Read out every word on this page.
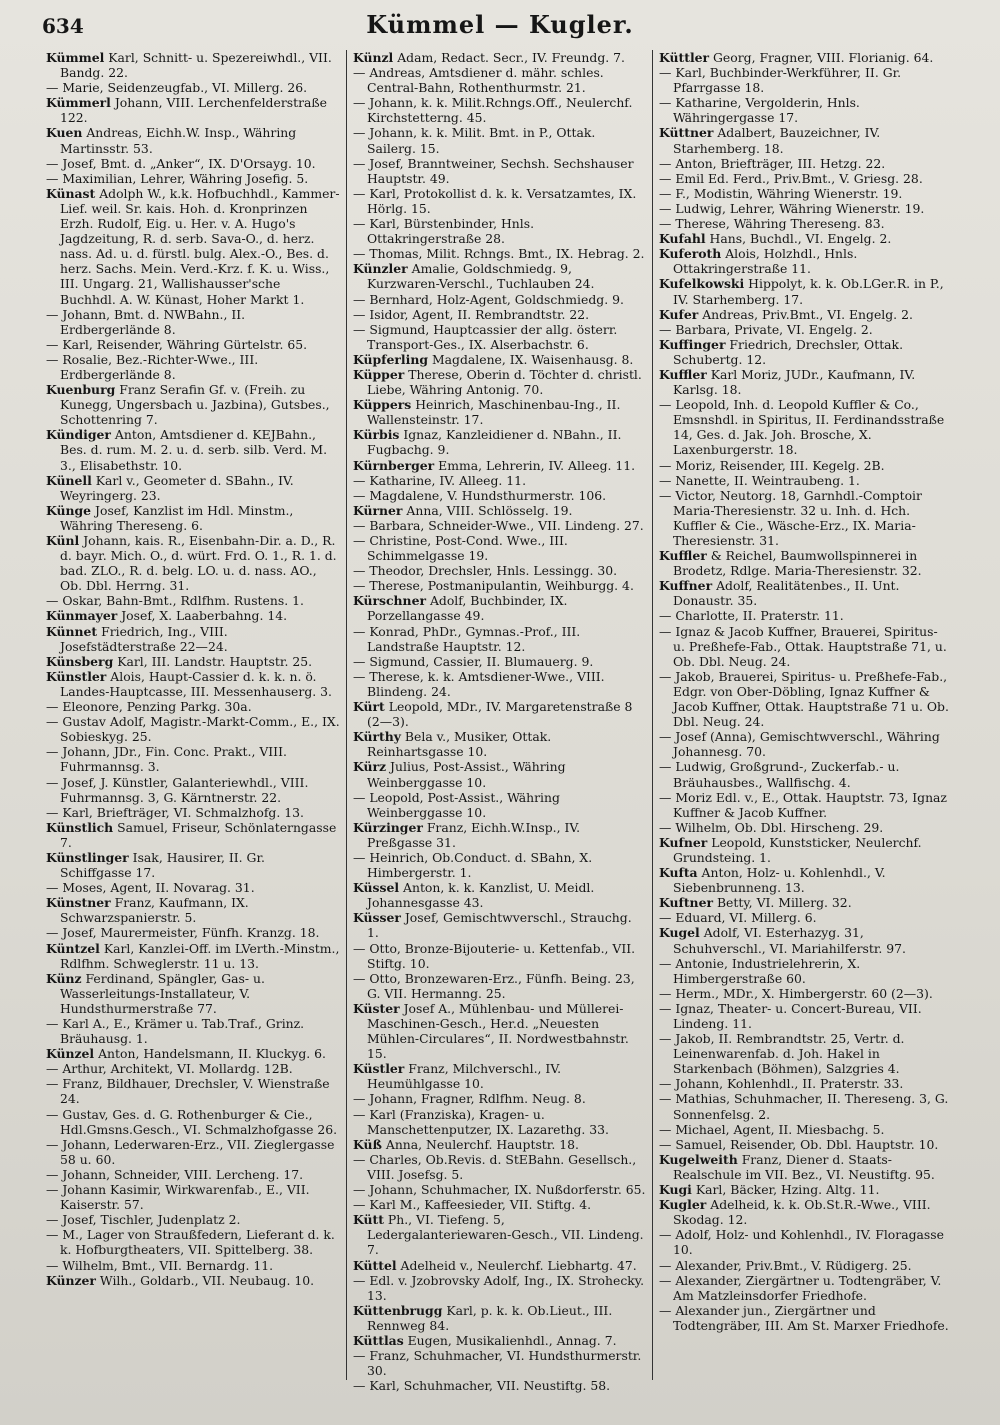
634	Kümmel — Kugler.

Kümmel Karl, Schnitt- u. Spezereiwhdl., VII. Bandg. 22.

— Marie, Seidenzeugfab., VI. Millerg. 26.

Kümmerl Johann, VIII. Lerchenfelderstraße 122.

Kuen Andreas, Eichh.W. Insp., Währing Martinsstr. 53.

— Josef, Bmt. d. „Anker“, IX. D'Orsayg. 10.

— Maximilian, Lehrer, Währing Josefig. 5.

Künast Adolph W., k.k. Hofbuchhdl., Kammer-Lief. weil. Sr. kais. Hoh. d. Kronprinzen Erzh. Rudolf, Eig. u. Her. v. A. Hugo's Jagdzeitung, R. d. serb. Sava-O., d. herz. nass. Ad. u. d. fürstl. bulg. Alex.-O., Bes. d. herz. Sachs. Mein. Verd.-Krz. f. K. u. Wiss., III. Ungarg. 21, Wallishausser'sche Buchhdl. A. W. Künast, Hoher Markt 1.

— Johann, Bmt. d. NWBahn., II. Erdbergerlände 8.

— Karl, Reisender, Währing Gürtelstr. 65.

— Rosalie, Bez.-Richter-Wwe., III. Erdbergerlände 8.

Kuenburg Franz Serafin Gf. v. (Freih. zu Kunegg, Ungersbach u. Jazbina), Gutsbes., Schottenring 7.

Kündiger Anton, Amtsdiener d. KEJBahn., Bes. d. rum. M. 2. u. d. serb. silb. Verd. M. 3., Elisabethstr. 10.

Künell Karl v., Geometer d. SBahn., IV. Weyringerg. 23.

Künge Josef, Kanzlist im Hdl. Minstm., Währing Thereseng. 6.

Künl Johann, kais. R., Eisenbahn-Dir. a. D., R. d. bayr. Mich. O., d. würt. Frd. O. 1., R. 1. d. bad. ZLO., R. d. belg. LO. u. d. nass. AO., Ob. Dbl. Herrng. 31.

— Oskar, Bahn-Bmt., Rdlfhm. Rustens. 1.

Künmayer Josef, X. Laaberbahng. 14.

Künnet Friedrich, Ing., VIII. Josefstädterstraße 22—24.

Künsberg Karl, III. Landstr. Hauptstr. 25.

Künstler Alois, Haupt-Cassier d. k. k. n. ö. Landes-Hauptcasse, III. Messenhauserg. 3.

— Eleonore, Penzing Parkg. 30a.

— Gustav Adolf, Magistr.-Markt-Comm., E., IX. Sobieskyg. 25.

— Johann, JDr., Fin. Conc. Prakt., VIII. Fuhrmannsg. 3.

— Josef, J. Künstler, Galanteriewhdl., VIII. Fuhrmannsg. 3, G. Kärntnerstr. 22.

— Karl, Briefträger, VI. Schmalzhofg. 13.

Künstlich Samuel, Friseur, Schönlaterngasse 7.

Künstlinger Isak, Hausirer, II. Gr. Schiffgasse 17.

— Moses, Agent, II. Novarag. 31.

Künstner Franz, Kaufmann, IX. Schwarzspanierstr. 5.

— Josef, Maurermeister, Fünfh. Kranzg. 18.

Küntzel Karl, Kanzlei-Off. im LVerth.-Minstm., Rdlfhm. Schweglerstr. 11 u. 13.

Künz Ferdinand, Spängler, Gas- u. Wasserleitungs-Installateur, V. Hundsthurmerstraße 77.

— Karl A., E., Krämer u. Tab.Traf., Grinz. Bräuhausg. 1.

Künzel Anton, Handelsmann, II. Kluckyg. 6.

— Arthur, Architekt, VI. Mollardg. 12B.

— Franz, Bildhauer, Drechsler, V. Wienstraße 24.

— Gustav, Ges. d. G. Rothenburger & Cie., Hdl.Gmsns.Gesch., VI. Schmalzhofgasse 26.

— Johann, Lederwaren-Erz., VII. Zieglergasse 58 u. 60.

— Johann, Schneider, VIII. Lercheng. 17.

— Johann Kasimir, Wirkwarenfab., E., VII. Kaiserstr. 57.

— Josef, Tischler, Judenplatz 2.

— M., Lager von Straußfedern, Lieferant d. k. k. Hofburgtheaters, VII. Spittelberg. 38.

— Wilhelm, Bmt., VII. Bernardg. 11.

Künzer Wilh., Goldarb., VII. Neubaug. 10.

Künzl Adam, Redact. Secr., IV. Freundg. 7.

— Andreas, Amtsdiener d. mähr. schles. Central-Bahn, Rothenthurmstr. 21.

— Johann, k. k. Milit.Rchngs.Off., Neulerchf. Kirchstetterng. 45.

— Johann, k. k. Milit. Bmt. in P., Ottak. Sailerg. 15.

— Josef, Branntweiner, Sechsh. Sechshauser Hauptstr. 49.

— Karl, Protokollist d. k. k. Versatzamtes, IX. Hörlg. 15.

— Karl, Bürstenbinder, Hnls. Ottakringerstraße 28.

— Thomas, Milit. Rchngs. Bmt., IX. Hebrag. 2.

Künzler Amalie, Goldschmiedg. 9, Kurzwaren-Verschl., Tuchlauben 24.

— Bernhard, Holz-Agent, Goldschmiedg. 9.

— Isidor, Agent, II. Rembrandtstr. 22.

— Sigmund, Hauptcassier der allg. österr. Transport-Ges., IX. Alserbachstr. 6.

Küpferling Magdalene, IX. Waisenhausg. 8.

Küpper Therese, Oberin d. Töchter d. christl. Liebe, Währing Antonig. 70.

Küppers Heinrich, Maschinenbau-Ing., II. Wallensteinstr. 17.

Kürbis Ignaz, Kanzleidiener d. NBahn., II. Fugbachg. 9.

Kürnberger Emma, Lehrerin, IV. Alleeg. 11.

— Katharine, IV. Alleeg. 11.

— Magdalene, V. Hundsthurmerstr. 106.

Kürner Anna, VIII. Schlösselg. 19.

— Barbara, Schneider-Wwe., VII. Lindeng. 27.

— Christine, Post-Cond. Wwe., III. Schimmelgasse 19.

— Theodor, Drechsler, Hnls. Lessingg. 30.

— Therese, Postmanipulantin, Weihburgg. 4.

Kürschner Adolf, Buchbinder, IX. Porzellangasse 49.

— Konrad, PhDr., Gymnas.-Prof., III. Landstraße Hauptstr. 12.

— Sigmund, Cassier, II. Blumauerg. 9.

— Therese, k. k. Amtsdiener-Wwe., VIII. Blindeng. 24.

Kürt Leopold, MDr., IV. Margaretenstraße 8 (2—3).

Kürthy Bela v., Musiker, Ottak. Reinhartsgasse 10.

Kürz Julius, Post-Assist., Währing Weinberggasse 10.

— Leopold, Post-Assist., Währing Weinberggasse 10.

Kürzinger Franz, Eichh.W.Insp., IV. Preßgasse 31.

— Heinrich, Ob.Conduct. d. SBahn, X. Himbergerstr. 1.

Küssel Anton, k. k. Kanzlist, U. Meidl. Johannesgasse 43.

Küsser Josef, Gemischtwverschl., Strauchg. 1.

— Otto, Bronze-Bijouterie- u. Kettenfab., VII. Stiftg. 10.

— Otto, Bronzewaren-Erz., Fünfh. Being. 23, G. VII. Hermanng. 25.

Küster Josef A., Mühlenbau- und Müllerei-Maschinen-Gesch., Her.d. „Neuesten Mühlen-Circulares“, II. Nordwestbahnstr. 15.

Küstler Franz, Milchverschl., IV. Heumühlgasse 10.

— Johann, Fragner, Rdlfhm. Neug. 8.

— Karl (Franziska), Kragen- u. Manschettenputzer, IX. Lazarethg. 33.

Küß Anna, Neulerchf. Hauptstr. 18.

— Charles, Ob.Revis. d. StEBahn. Gesellsch., VIII. Josefsg. 5.

— Johann, Schuhmacher, IX. Nußdorferstr. 65.

— Karl M., Kaffeesieder, VII. Stiftg. 4.

Kütt Ph., VI. Tiefeng. 5, Ledergalanteriewaren-Gesch., VII. Lindeng. 7.

Küttel Adelheid v., Neulerchf. Liebhartg. 47.

— Edl. v. Jzobrovsky Adolf, Ing., IX. Strohecky. 13.

Küttenbrugg Karl, p. k. k. Ob.Lieut., III. Rennweg 84.

Küttlas Eugen, Musikalienhdl., Annag. 7.

— Franz, Schuhmacher, VI. Hundsthurmerstr. 30.

— Karl, Schuhmacher, VII. Neustiftg. 58.

Küttler Georg, Fragner, VIII. Florianig. 64.

— Karl, Buchbinder-Werkführer, II. Gr. Pfarrgasse 18.

— Katharine, Vergolderin, Hnls. Währingergasse 17.

Küttner Adalbert, Bauzeichner, IV. Starhemberg. 18.

— Anton, Briefträger, III. Hetzg. 22.

— Emil Ed. Ferd., Priv.Bmt., V. Griesg. 28.

— F., Modistin, Währing Wienerstr. 19.

— Ludwig, Lehrer, Währing Wienerstr. 19.

— Therese, Währing Thereseng. 83.

Kufahl Hans, Buchdl., VI. Engelg. 2.

Kuferoth Alois, Holzhdl., Hnls. Ottakringerstraße 11.

Kufelkowski Hippolyt, k. k. Ob.LGer.R. in P., IV. Starhemberg. 17.

Kufer Andreas, Priv.Bmt., VI. Engelg. 2.

— Barbara, Private, VI. Engelg. 2.

Kuffinger Friedrich, Drechsler, Ottak. Schubertg. 12.

Kuffler Karl Moriz, JUDr., Kaufmann, IV. Karlsg. 18.

— Leopold, Inh. d. Leopold Kuffler & Co., Emsnshdl. in Spiritus, II. Ferdinandsstraße 14, Ges. d. Jak. Joh. Brosche, X. Laxenburgerstr. 18.

— Moriz, Reisender, III. Kegelg. 2B.

— Nanette, II. Weintraubeng. 1.

— Victor, Neutorg. 18, Garnhdl.-Comptoir Maria-Theresienstr. 32 u. Inh. d. Hch. Kuffler & Cie., Wäsche-Erz., IX. Maria-Theresienstr. 31.

Kuffler & Reichel, Baumwollspinnerei in Brodetz, Rdlge. Maria-Theresienstr. 32.

Kuffner Adolf, Realitätenbes., II. Unt. Donaustr. 35.

— Charlotte, II. Praterstr. 11.

— Ignaz & Jacob Kuffner, Brauerei, Spiritus- u. Preßhefe-Fab., Ottak. Hauptstraße 71, u. Ob. Dbl. Neug. 24.

— Jakob, Brauerei, Spiritus- u. Preßhefe-Fab., Edgr. von Ober-Döbling, Ignaz Kuffner & Jacob Kuffner, Ottak. Hauptstraße 71 u. Ob. Dbl. Neug. 24.

— Josef (Anna), Gemischtwverschl., Währing Johannesg. 70.

— Ludwig, Großgrund-, Zuckerfab.- u. Bräuhausbes., Wallfischg. 4.

— Moriz Edl. v., E., Ottak. Hauptstr. 73, Ignaz Kuffner & Jacob Kuffner.

— Wilhelm, Ob. Dbl. Hirscheng. 29.

Kufner Leopold, Kunststicker, Neulerchf. Grundsteing. 1.

Kufta Anton, Holz- u. Kohlenhdl., V. Siebenbrunneng. 13.

Kuftner Betty, VI. Millerg. 32.

— Eduard, VI. Millerg. 6.

Kugel Adolf, VI. Esterhazyg. 31, Schuhverschl., VI. Mariahilferstr. 97.

— Antonie, Industrielehrerin, X. Himbergerstraße 60.

— Herm., MDr., X. Himbergerstr. 60 (2—3).

— Ignaz, Theater- u. Concert-Bureau, VII. Lindeng. 11.

— Jakob, II. Rembrandtstr. 25, Vertr. d. Leinenwarenfab. d. Joh. Hakel in Starkenbach (Böhmen), Salzgries 4.

— Johann, Kohlenhdl., II. Praterstr. 33.

— Mathias, Schuhmacher, II. Thereseng. 3, G. Sonnenfelsg. 2.

— Michael, Agent, II. Miesbachg. 5.

— Samuel, Reisender, Ob. Dbl. Hauptstr. 10.

Kugelweith Franz, Diener d. Staats-Realschule im VII. Bez., VI. Neustiftg. 95.

Kugi Karl, Bäcker, Hzing. Altg. 11.

Kugler Adelheid, k. k. Ob.St.R.-Wwe., VIII. Skodag. 12.

— Adolf, Holz- und Kohlenhdl., IV. Floragasse 10.

— Alexander, Priv.Bmt., V. Rüdigerg. 25.

— Alexander, Ziergärtner u. Todtengräber, V. Am Matzleinsdorfer Friedhofe.

— Alexander jun., Ziergärtner und Todtengräber, III. Am St. Marxer Friedhofe.
